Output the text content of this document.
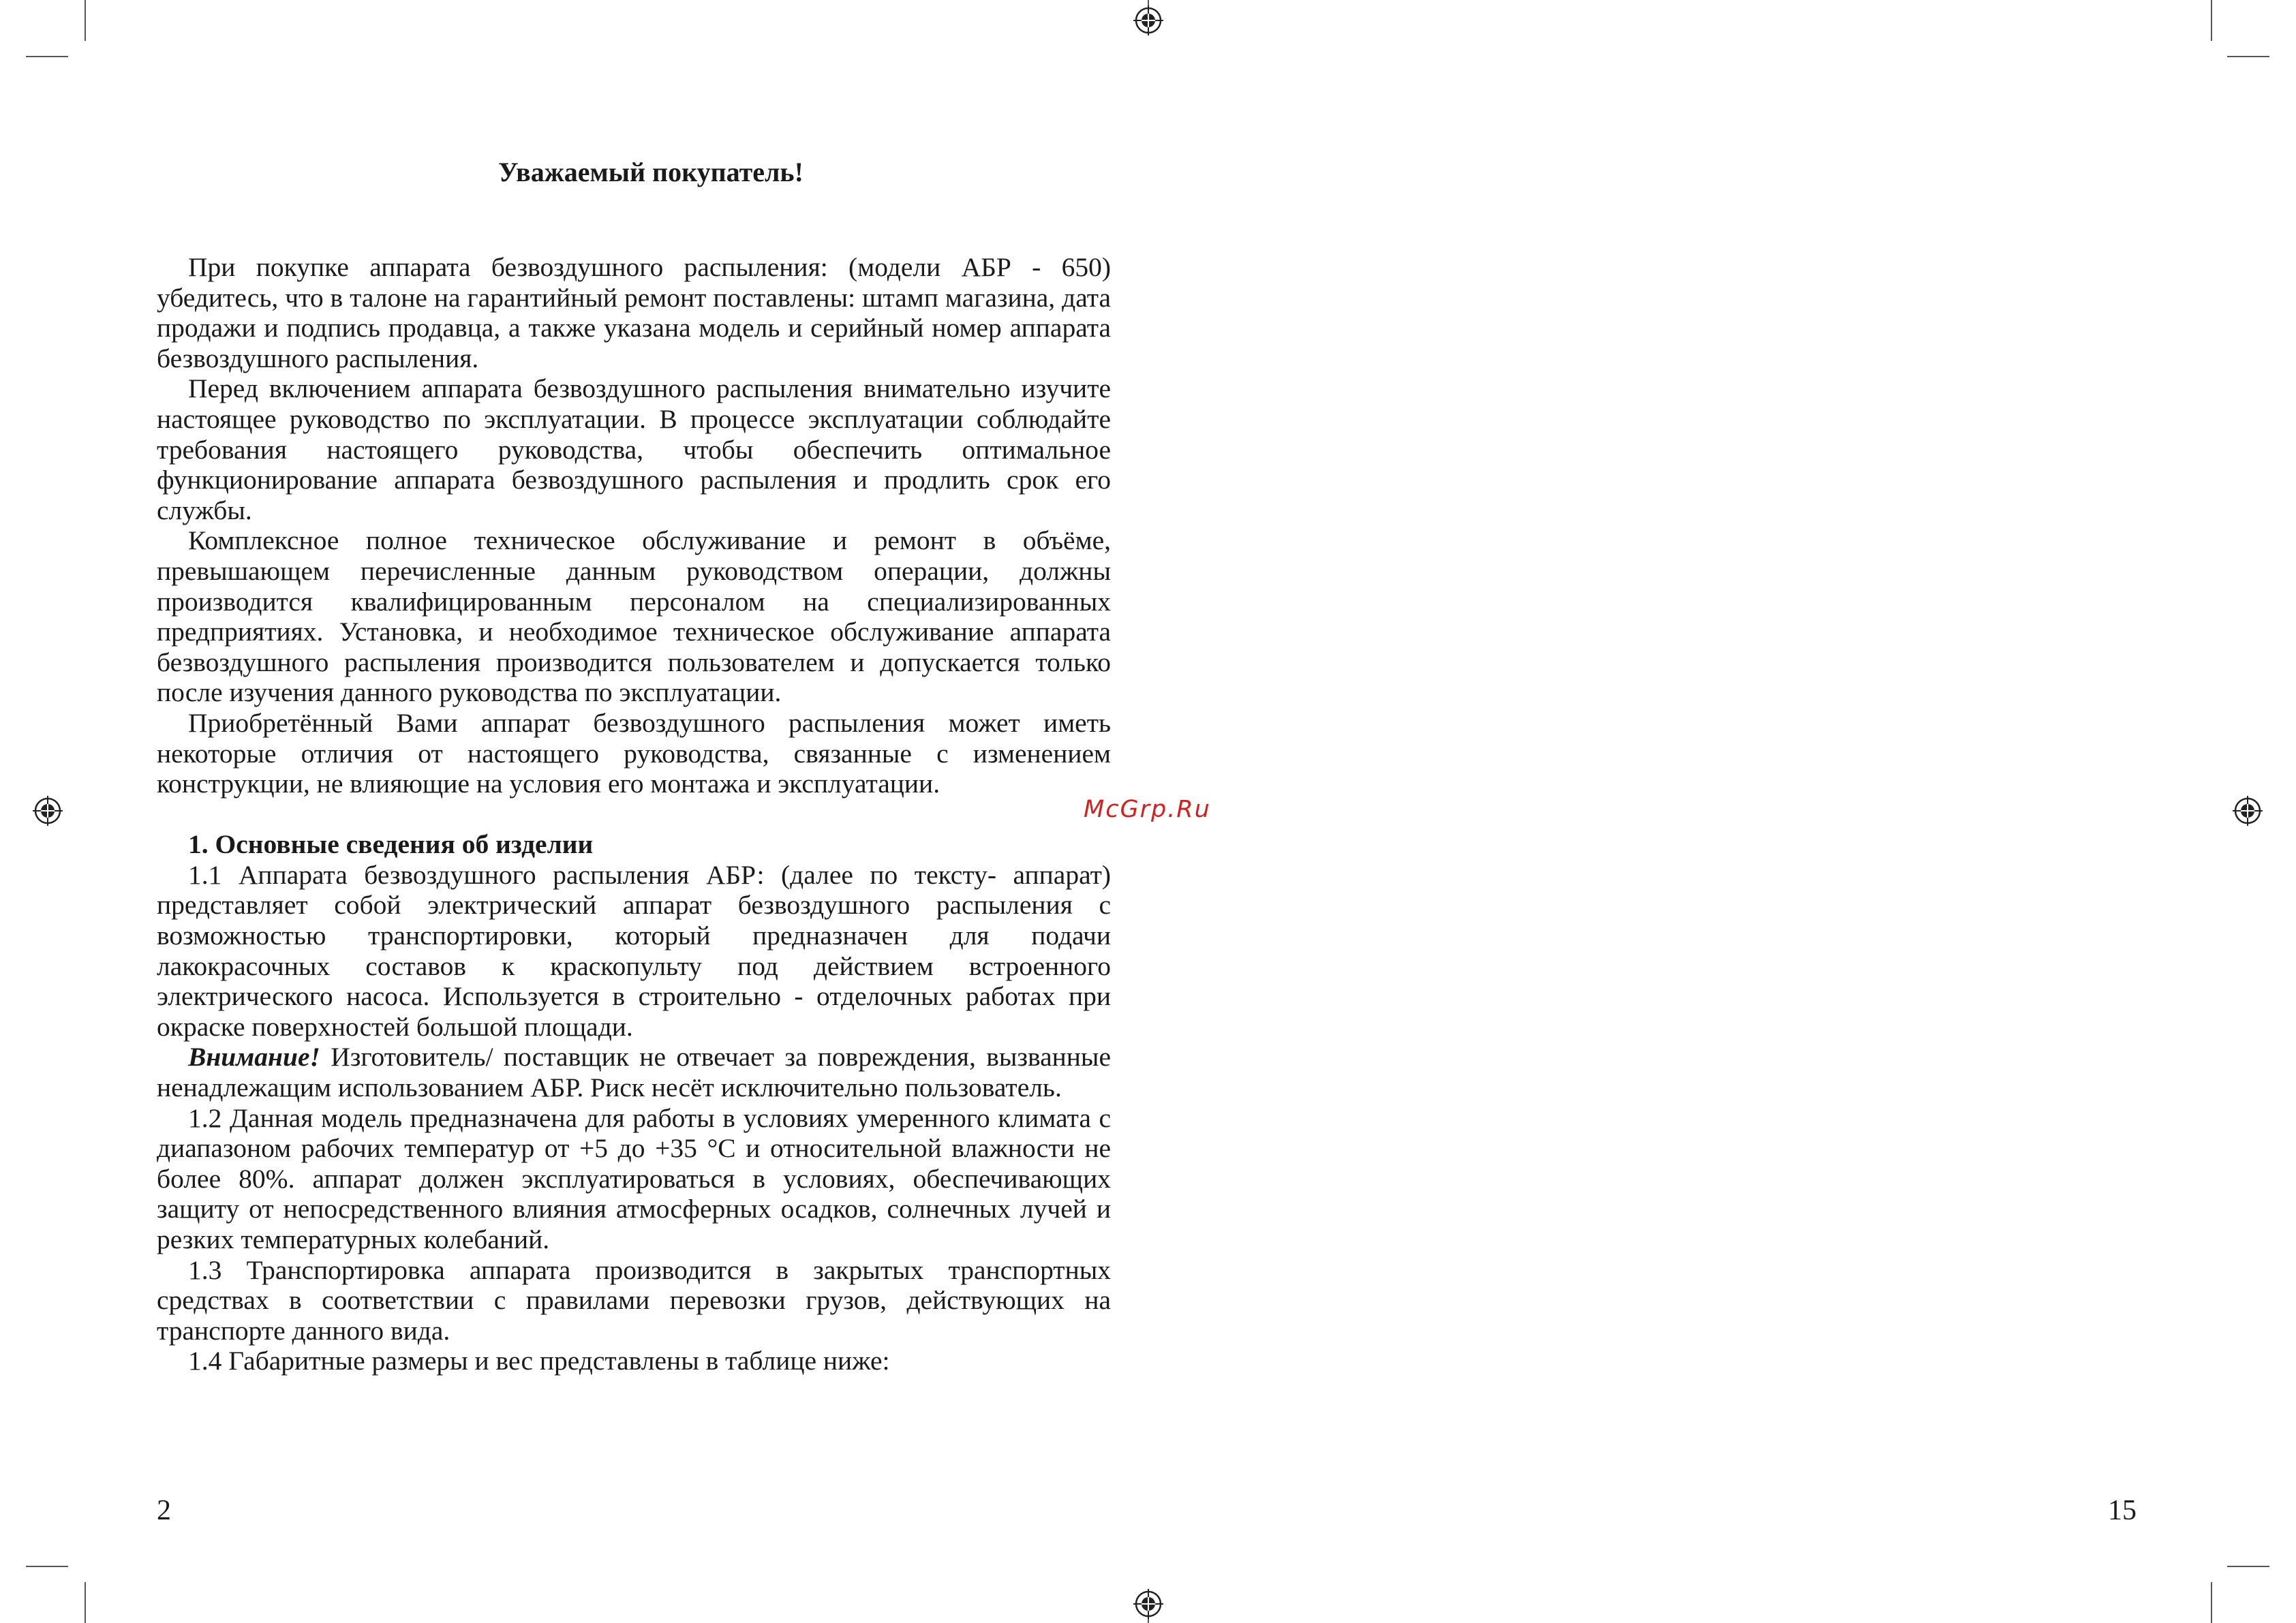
Уважаемый покупатель!

При покупке аппарата безвоздушного распыления: (модели АБР - 650) убедитесь, что в талоне на гарантийный ремонт поставлены: штамп магазина, дата продажи и подпись продавца, а также указана модель и серийный номер аппарата безвоздушного распыления.

Перед включением аппарата безвоздушного распыления внимательно изучите настоящее руководство по эксплуатации. В процессе эксплуатации соблюдайте требования настоящего руководства, чтобы обеспечить оптимальное функционирование аппарата безвоздушного распыления и продлить срок его службы.

Комплексное полное техническое обслуживание и ремонт в объёме, превышающем перечисленные данным руководством операции, должны производится квалифицированным персоналом на специализированных предприятиях. Установка, и необходимое техническое обслуживание аппарата безвоздушного распыления производится пользователем и допускается только после изучения данного руководства по эксплуатации.

Приобретённый Вами аппарат безвоздушного распыления может иметь некоторые отличия от настоящего руководства, связанные с изменением конструкции, не влияющие на условия его монтажа и эксплуатации.

1. Основные сведения об изделии

1.1 Аппарата безвоздушного распыления АБР: (далее по тексту- аппарат) представляет собой электрический аппарат безвоздушного распыления с возможностью транспортировки, который предназначен для подачи лакокрасочных составов к краскопульту под действием встроенного электрического насоса. Используется в строительно - отделочных работах при окраске поверхностей большой площади.

Внимание! Изготовитель/ поставщик не отвечает за повреждения, вызванные ненадлежащим использованием АБР. Риск несёт исключительно пользователь.

1.2 Данная модель предназначена для работы в условиях умеренного климата с диапазоном рабочих температур от +5 до +35 °С и относительной влажности не более 80%. аппарат должен эксплуатироваться в условиях, обеспечивающих защиту от непосредственного влияния атмосферных осадков, солнечных лучей и резких температурных колебаний.

1.3 Транспортировка аппарата производится в закрытых транспортных средствах в соответствии с правилами перевозки грузов, действующих на транспорте данного вида.

1.4 Габаритные размеры и вес представлены в таблице ниже:

McGrp.Ru
2	15
